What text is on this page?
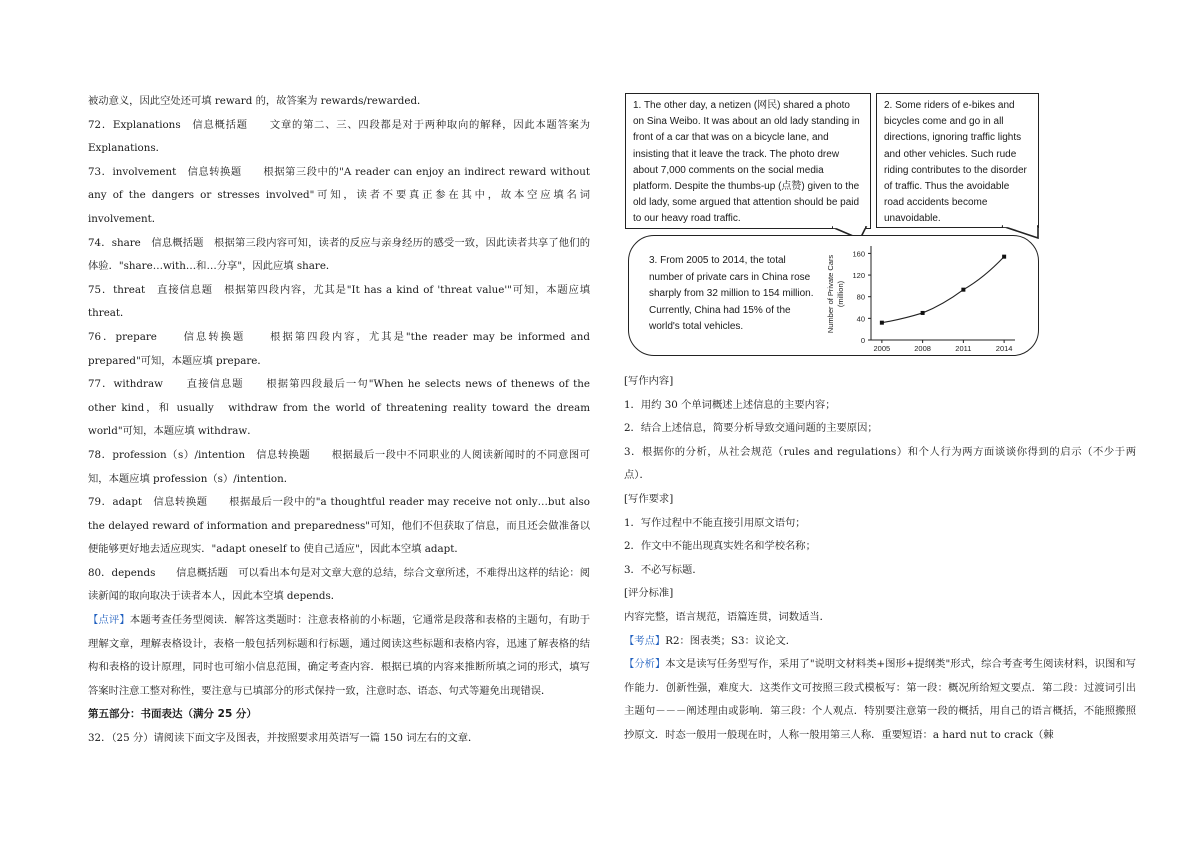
被动意义，因此空处还可填 reward 的，故答案为 rewards/rewarded．

72．Explanations　信息概括题　　文章的第二、三、四段都是对于两种取向的解释，因此本题答案为 Explanations．

73．involvement　信息转换题　　根据第三段中的"A reader can enjoy an indirect reward without any of the dangers or stresses involved"可知，读者不要真正参在其中，故本空应填名词 involvement．

74．share　信息概括题　根据第三段内容可知，读者的反应与亲身经历的感受一致，因此读者共享了他们的体验．"share…with…和…分享"，因此应填 share．

75．threat　直接信息题　根据第四段内容，尤其是"It has a kind of 'threat value'"可知，本题应填 threat．

76．prepare　　信息转换题　　根据第四段内容，尤其是"the reader may be informed and prepared"可知，本题应填 prepare．

77．withdraw　　直接信息题　　根据第四段最后一句"When he selects news of thenews of the other kind，和 usually　withdraw from the world of threatening reality toward the dream world"可知，本题应填 withdraw．

78．profession（s）/intention　信息转换题　　根据最后一段中不同职业的人阅读新闻时的不同意图可知，本题应填 profession（s）/intention．

79．adapt　信息转换题　　根据最后一段中的"a thoughtful reader may receive not only…but also the delayed reward of information and preparedness"可知，他们不但获取了信息，而且还会做准备以便能够更好地去适应现实．"adapt oneself to 使自己适应"，因此本空填 adapt．

80．depends　　信息概括题　可以看出本句是对文章大意的总结，综合文章所述，不难得出这样的结论：阅读新闻的取向取决于读者本人，因此本空填 depends．

【点评】本题考查任务型阅读．解答这类题时：注意表格前的小标题，它通常是段落和表格的主题句，有助于理解文章，理解表格设计，表格一般包括列标题和行标题，通过阅读这些标题和表格内容，迅速了解表格的结构和表格的设计原理，同时也可缩小信息范围，确定考查内容．根据已填的内容来推断所填之词的形式，填写答案时注意工整对称性，要注意与已填部分的形式保持一致，注意时态、语态、句式等避免出现错误．

第五部分：书面表达（满分 25 分）

32．（25 分）请阅读下面文字及图表，并按照要求用英语写一篇 150 词左右的文章．

1. The other day, a netizen (网民) shared a photo on Sina Weibo. It was about an old lady standing in front of a car that was on a bicycle lane, and insisting that it leave the track. The photo drew about 7,000 comments on the social media platform. Despite the thumbs-up (点赞) given to the old lady, some argued that attention should be paid to our heavy road traffic.
2. Some riders of e-bikes and bicycles come and go in all directions, ignoring traffic lights and other vehicles. Such rude riding contributes to the disorder of traffic. Thus the avoidable road accidents become unavoidable.
3. From 2005 to 2014, the total number of private cars in China rose sharply from 32 million to 154 million. Currently, China had 15% of the world's total vehicles.
0
40
80
120
160
2005	2008	2011	2014
Number of Private Cars (million)

[写作内容]

1．用约 30 个单词概述上述信息的主要内容；

2．结合上述信息，简要分析导致交通问题的主要原因；

3．根据你的分析，从社会规范（rules and regulations）和个人行为两方面谈谈你得到的启示（不少于两点）．

[写作要求]

1．写作过程中不能直接引用原文语句；

2．作文中不能出现真实姓名和学校名称；

3．不必写标题．

[评分标准]

内容完整，语言规范，语篇连贯，词数适当．

【考点】R2：图表类；S3：议论文．

【分析】本文是读写任务型写作，采用了"说明文材料类+图形+提纲类"形式，综合考查考生阅读材料，识图和写作能力．创新性强，难度大．这类作文可按照三段式模板写：第一段：概况所给短文要点．第二段：过渡词引出主题句－－－阐述理由或影响．第三段：个人观点．特别要注意第一段的概括，用自己的语言概括，不能照搬照抄原文．时态一般用一般现在时，人称一般用第三人称．重要短语：a hard nut to crack（棘
